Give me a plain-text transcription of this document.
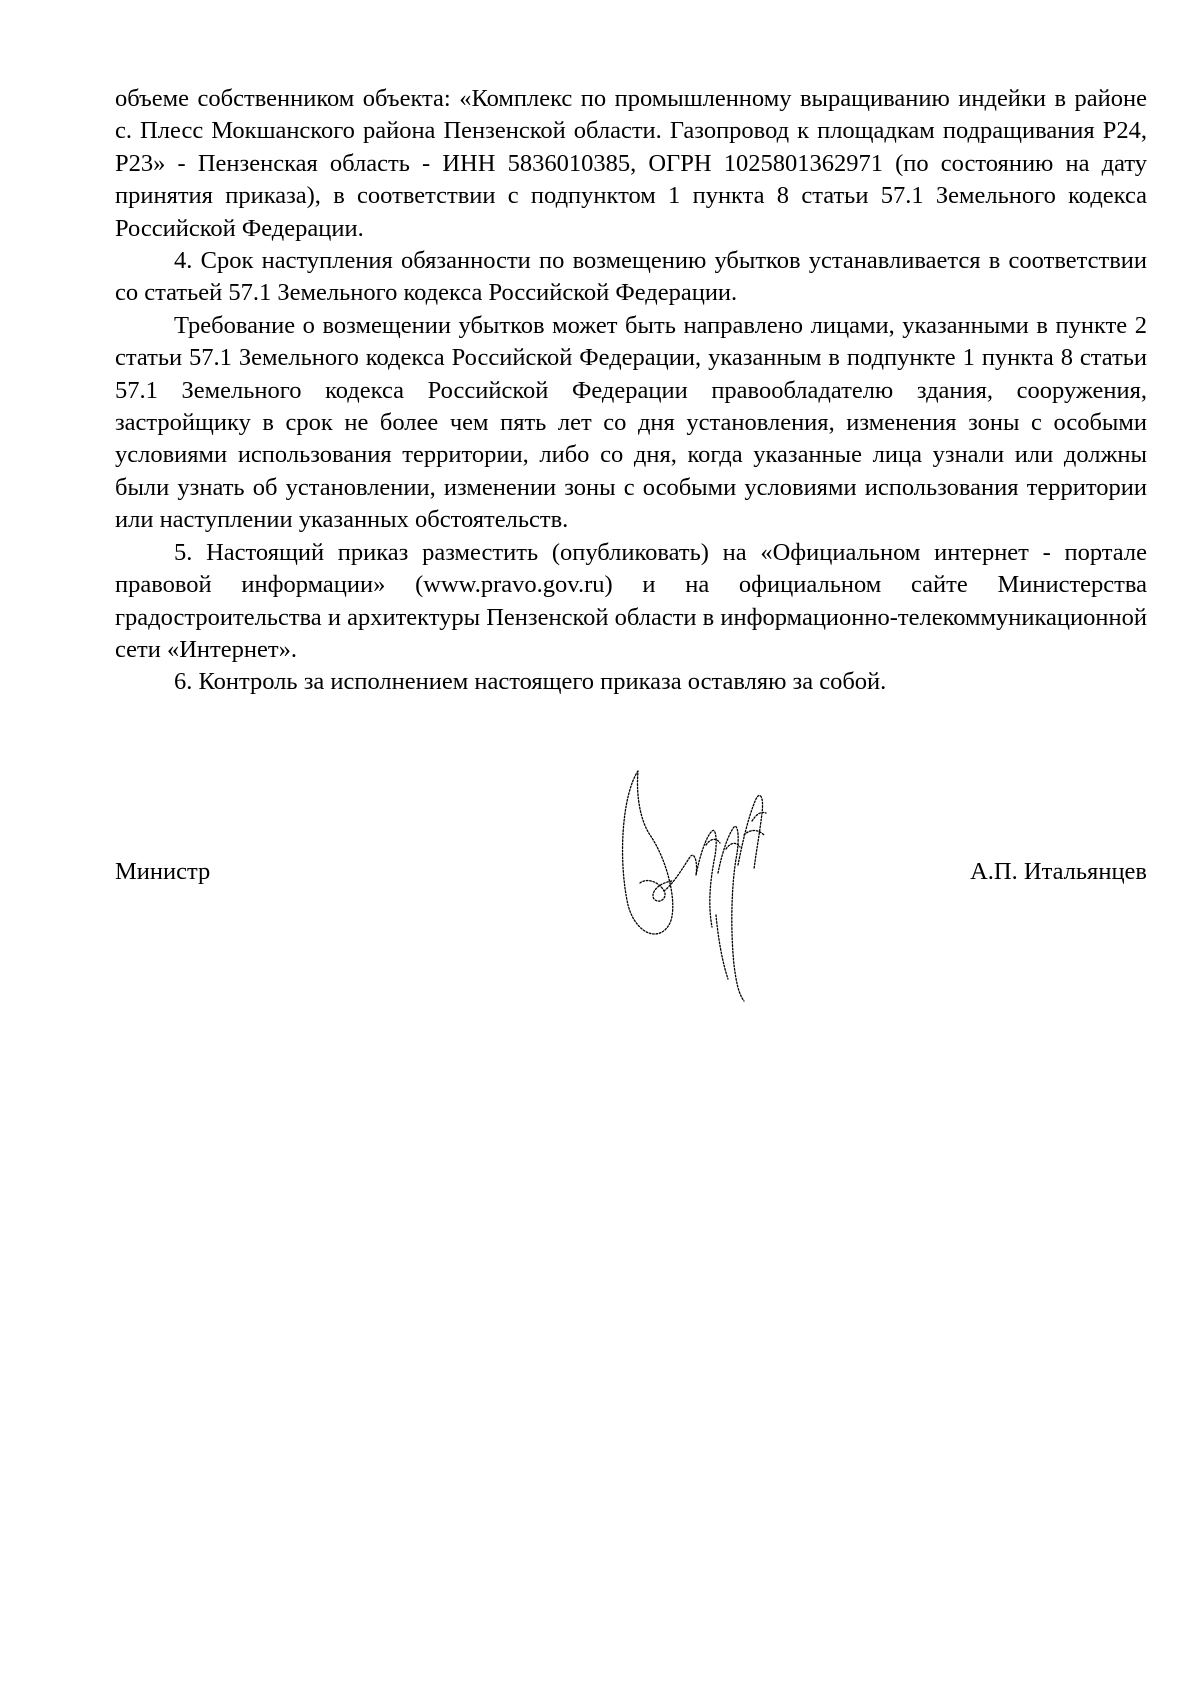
объеме собственником объекта: «Комплекс по промышленному выращиванию индейки в районе с. Плесс Мокшанского района Пензенской области. Газопровод к площадкам подращивания Р24, Р23» - Пензенская область - ИНН 5836010385, ОГРН 1025801362971 (по состоянию на дату принятия приказа), в соответствии с подпунктом 1 пункта 8 статьи 57.1 Земельного кодекса Российской Федерации.

4. Срок наступления обязанности по возмещению убытков устанавливается в соответствии со статьей 57.1 Земельного кодекса Российской Федерации.

Требование о возмещении убытков может быть направлено лицами, указанными в пункте 2 статьи 57.1 Земельного кодекса Российской Федерации, указанным в подпункте 1 пункта 8 статьи 57.1 Земельного кодекса Российской Федерации правообладателю здания, сооружения, застройщику в срок не более чем пять лет со дня установления, изменения зоны с особыми условиями использования территории, либо со дня, когда указанные лица узнали или должны были узнать об установлении, изменении зоны с особыми условиями использования территории или наступлении указанных обстоятельств.

5. Настоящий приказ разместить (опубликовать) на «Официальном интернет - портале правовой информации» (www.pravo.gov.ru) и на официальном сайте Министерства градостроительства и архитектуры Пензенской области в информационно-телекоммуникационной сети «Интернет».

6. Контроль за исполнением настоящего приказа оставляю за собой.

Министр	А.П. Итальянцев
